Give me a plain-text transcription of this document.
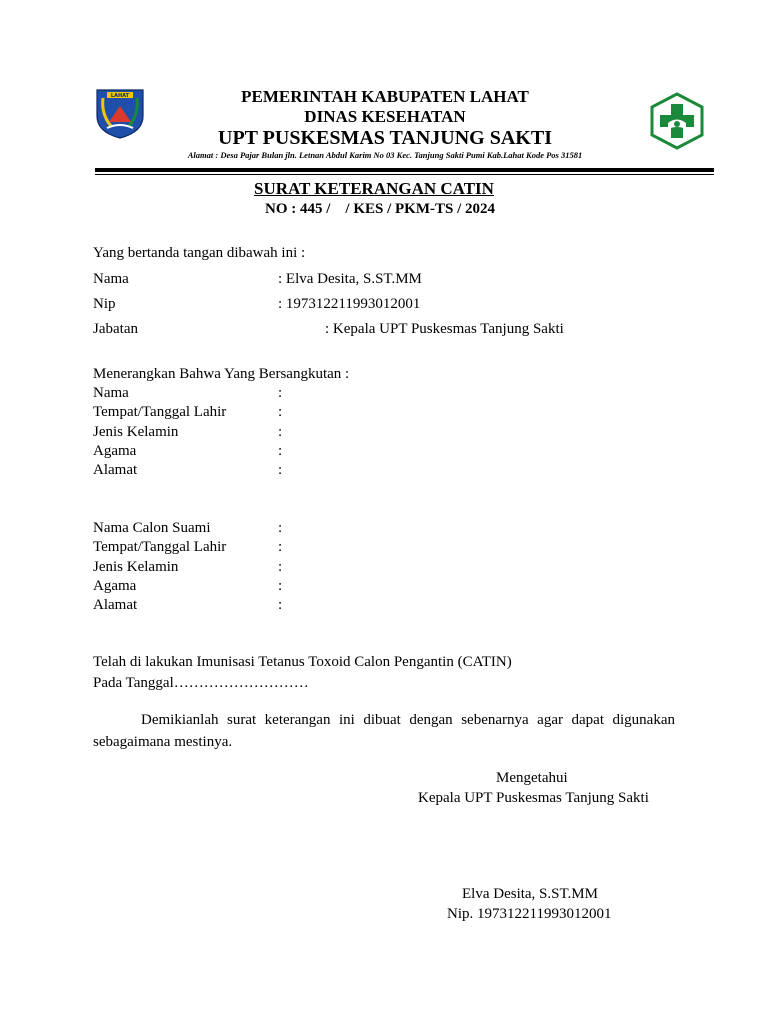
LAHAT	PEMERINTAH KABUPATEN LAHAT
DINAS KESEHATAN
UPT PUSKESMAS TANJUNG SAKTI
Alamat : Desa Pajar Bulan jln. Letnan Abdul Karim No 03 Kec. Tanjung Sakti Pumi Kab.Lahat Kode Pos 31581
SURAT KETERANGAN CATIN
NO : 445 /    / KES / PKM-TS / 2024
Yang bertanda tangan dibawah ini :
Nama	: Elva Desita, S.ST.MM
Nip	: 197312211993012001
Jabatan	: Kepala UPT Puskesmas Tanjung Sakti
Menerangkan Bahwa Yang Bersangkutan :
Nama	:
Tempat/Tanggal Lahir	:
Jenis Kelamin	:
Agama	:
Alamat	:
Nama Calon Suami	:
Tempat/Tanggal Lahir	:
Jenis Kelamin	:
Agama	:
Alamat	:
Telah di lakukan Imunisasi Tetanus Toxoid Calon Pengantin (CATIN)
Pada Tanggal………………………
Demikianlah surat keterangan ini dibuat dengan sebenarnya agar dapat digunakan sebagaimana mestinya.
Mengetahui
Kepala UPT Puskesmas Tanjung Sakti
Elva Desita, S.ST.MM
Nip. 197312211993012001
